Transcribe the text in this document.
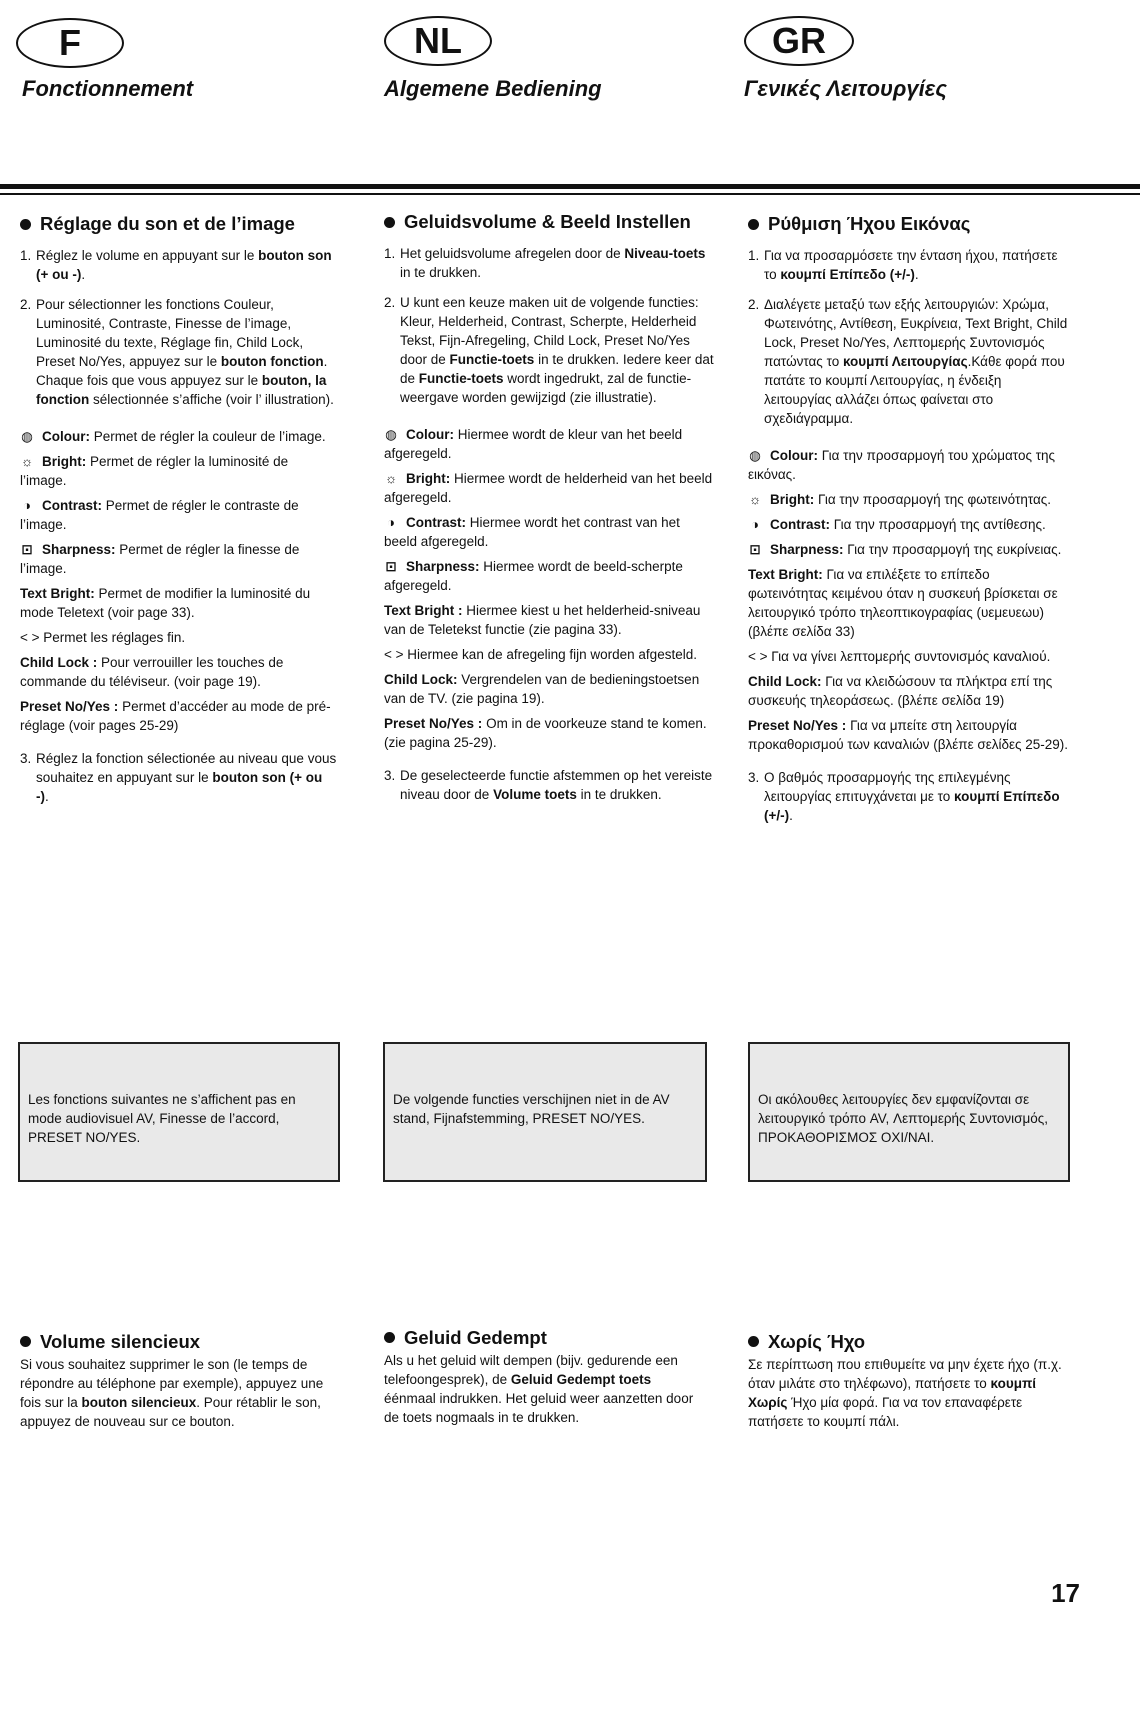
F	NL	GR
Fonctionnement	Algemene Bediening	Γενικές Λειτουργίες
Réglage du son et de l’image
1. Réglez le volume en appuyant sur le bouton son (+ ou -).
2. Pour sélectionner les fonctions Couleur, Luminosité, Contraste, Finesse de l’image, Luminosité du texte, Réglage fin, Child Lock, Preset No/Yes, appuyez sur le bouton fonction. Chaque fois que vous appuyez sur le bouton, la fonction sélectionnée s’affiche (voir l’ illustration).
◍ Colour: Permet de régler la couleur de l’image.
☼ Bright: Permet de régler la luminosité de l’image.
◑ Contrast: Permet de régler le contraste de l’image.
⊡ Sharpness: Permet de régler la finesse de l’image.
Text Bright: Permet de modifier la luminosité du mode Teletext (voir page 33).
< > Permet les réglages fin.
Child Lock : Pour verrouiller les touches de commande du téléviseur. (voir page 19).
Preset No/Yes : Permet d’accéder au mode de pré-réglage (voir pages 25-29)
3. Réglez la fonction sélectionée au niveau que vous souhaitez en appuyant sur le bouton son (+ ou -).
Geluidsvolume & Beeld Instellen
1. Het geluidsvolume afregelen door de Niveau-toets in te drukken.
2. U kunt een keuze maken uit de volgende functies: Kleur, Helderheid, Contrast, Scherpte, Helderheid Tekst, Fijn-Afregeling, Child Lock, Preset No/Yes door de Functie-toets in te drukken. Iedere keer dat de Functie-toets wordt ingedrukt, zal de functie-weergave worden gewijzigd (zie illustratie).
◍ Colour: Hiermee wordt de kleur van het beeld afgeregeld.
☼ Bright: Hiermee wordt de helderheid van het beeld afgeregeld.
◑ Contrast: Hiermee wordt het contrast van het beeld afgeregeld.
⊡ Sharpness: Hiermee wordt de beeld-scherpte afgeregeld.
Text Bright : Hiermee kiest u het helderheid-sniveau van de Teletekst functie (zie pagina 33).
< > Hiermee kan de afregeling fijn worden afgesteld.
Child Lock: Vergrendelen van de bedieningstoetsen van de TV. (zie pagina 19).
Preset No/Yes : Om in de voorkeuze stand te komen. (zie pagina 25-29).
3. De geselecteerde functie afstemmen op het vereiste niveau door de Volume toets in te drukken.
Ρύθμιση Ήχου Εικόνας
1. Για να προσαρμόσετε την ένταση ήχου, πατήσετε το κουμπί Επίπεδο (+/-).
2. Διαλέγετε μεταξύ των εξής λειτουργιών: Χρώμα, Φωτεινότης, Αντίθεση, Ευκρίνεια, Text Bright, Child Lock, Preset No/Yes, Λεπτομερής Συντονισμός πατώντας το κουμπί Λειτουργίας.Κάθε φορά που πατάτε το κουμπί Λειτουργίας, η ένδειξη λειτουργίας αλλάζει όπως φαίνεται στο σχεδιάγραμμα.
◍ Colour: Για την προσαρμογή του χρώματος της εικόνας.
☼ Bright: Για την προσαρμογή της φωτεινότητας.
◑ Contrast: Για την προσαρμογή της αντίθεσης.
⊡ Sharpness: Για την προσαρμογή της ευκρίνειας.
Text Bright: Για να επιλέξετε το επίπεδο φωτεινότητας κειμένου όταν η συσκευή βρίσκεται σε λειτουργικό τρόπο τηλεοπτικογραφίας (υεμευεωυ) (βλέπε σελίδα 33)
< > Για να γίνει λεπτομερής συντονισμός καναλιού.
Child Lock: Για να κλειδώσουν τα πλήκτρα επί της συσκευής τηλεοράσεως. (βλέπε σελίδα 19)
Preset No/Yes : Για να μπείτε στη λειτουργία προκαθορισμού των καναλιών (βλέπε σελίδες 25-29).
3. Ο βαθμός προσαρμογής της επιλεγμένης λειτουργίας επιτυγχάνεται με το κουμπί Επίπεδο (+/-).
Les fonctions suivantes ne s’affichent pas en mode audiovisuel AV, Finesse de l’accord, PRESET NO/YES.
De volgende functies verschijnen niet in de AV stand, Fijnafstemming, PRESET NO/YES.
Οι ακόλουθες λειτουργίες δεν εμφανίζονται σε λειτουργικό τρόπο AV, Λεπτομερής Συντονισμός, ΠΡΟΚΑΘΟΡΙΣΜΟΣ ΟΧΙ/ΝΑΙ.
Volume silencieux
Si vous souhaitez supprimer le son (le temps de répondre au téléphone par exemple), appuyez une fois sur la bouton silencieux. Pour rétablir le son, appuyez de nouveau sur ce bouton.
Geluid Gedempt
Als u het geluid wilt dempen (bijv. gedurende een telefoongesprek), de Geluid Gedempt toets éénmaal indrukken. Het geluid weer aanzetten door de toets nogmaals in te drukken.
Χωρίς Ήχο
Σε περίπτωση που επιθυμείτε να μην έχετε ήχο (π.χ. όταν μιλάτε στο τηλέφωνο), πατήσετε το κουμπί Χωρίς Ήχο μία φορά. Για να τον επαναφέρετε πατήσετε το κουμπί πάλι.
17
